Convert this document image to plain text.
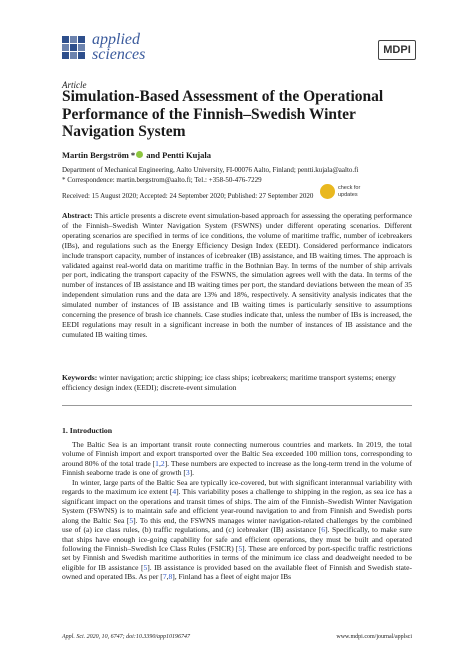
applied
sciences	MDPI
Article
Simulation-Based Assessment of the Operational Performance of the Finnish–Swedish Winter Navigation System
Martin Bergström * and Pentti Kujala
Department of Mechanical Engineering, Aalto University, FI-00076 Aalto, Finland; pentti.kujala@aalto.fi
* Correspondence: martin.bergstrom@aalto.fi; Tel.: +358-50-476-7229
check for
updates
Received: 15 August 2020; Accepted: 24 September 2020; Published: 27 September 2020
Abstract: This article presents a discrete event simulation-based approach for assessing the operating performance of the Finnish–Swedish Winter Navigation System (FSWNS) under different operating scenarios. Different operating scenarios are specified in terms of ice conditions, the volume of maritime traffic, number of icebreakers (IBs), and regulations such as the Energy Efficiency Design Index (EEDI). Considered performance indicators include transport capacity, number of instances of icebreaker (IB) assistance, and IB waiting times. The approach is validated against real-world data on maritime traffic in the Bothnian Bay. In terms of the number of ship arrivals per port, indicating the transport capacity of the FSWNS, the simulation agrees well with the data. In terms of the number of instances of IB assistance and IB waiting times per port, the standard deviations between the mean of 35 independent simulation runs and the data are 13% and 18%, respectively. A sensitivity analysis indicates that the simulated number of instances of IB assistance and IB waiting times is particularly sensitive to assumptions concerning the presence of brash ice channels. Case studies indicate that, unless the number of IBs is increased, the EEDI regulations may result in a significant increase in both the number of instances of IB assistance and the cumulated IB waiting times.
Keywords: winter navigation; arctic shipping; ice class ships; icebreakers; maritime transport systems; energy efficiency design index (EEDI); discrete-event simulation
1. Introduction

The Baltic Sea is an important transit route connecting numerous countries and markets. In 2019, the total volume of Finnish import and export transported over the Baltic Sea exceeded 100 million tons, corresponding to around 80% of the total trade [1,2]. These numbers are expected to increase as the long-term trend in the volume of Finnish seaborne trade is one of growth [3].

In winter, large parts of the Baltic Sea are typically ice-covered, but with significant interannual variability with regards to the maximum ice extent [4]. This variability poses a challenge to shipping in the region, as sea ice has a significant impact on the operations and transit times of ships. The aim of the Finnish–Swedish Winter Navigation System (FSWNS) is to maintain safe and efficient year-round navigation to and from Finnish and Swedish ports along the Baltic Sea [5]. To this end, the FSWNS manages winter navigation-related challenges by the combined use of (a) ice class rules, (b) traffic regulations, and (c) icebreaker (IB) assistance [6]. Specifically, to make sure that ships have enough ice-going capability for safe and efficient operations, they must be built and operated following the Finnish–Swedish Ice Class Rules (FSICR) [5]. These are enforced by port-specific traffic restrictions set by Finnish and Swedish maritime authorities in terms of the minimum ice class and deadweight needed to be eligible for IB assistance [5]. IB assistance is provided based on the available fleet of Finnish and Swedish state-owned and operated IBs. As per [7,8], Finland has a fleet of eight major IBs

Appl. Sci. 2020, 10, 6747; doi:10.3390/app10196747	www.mdpi.com/journal/applsci
